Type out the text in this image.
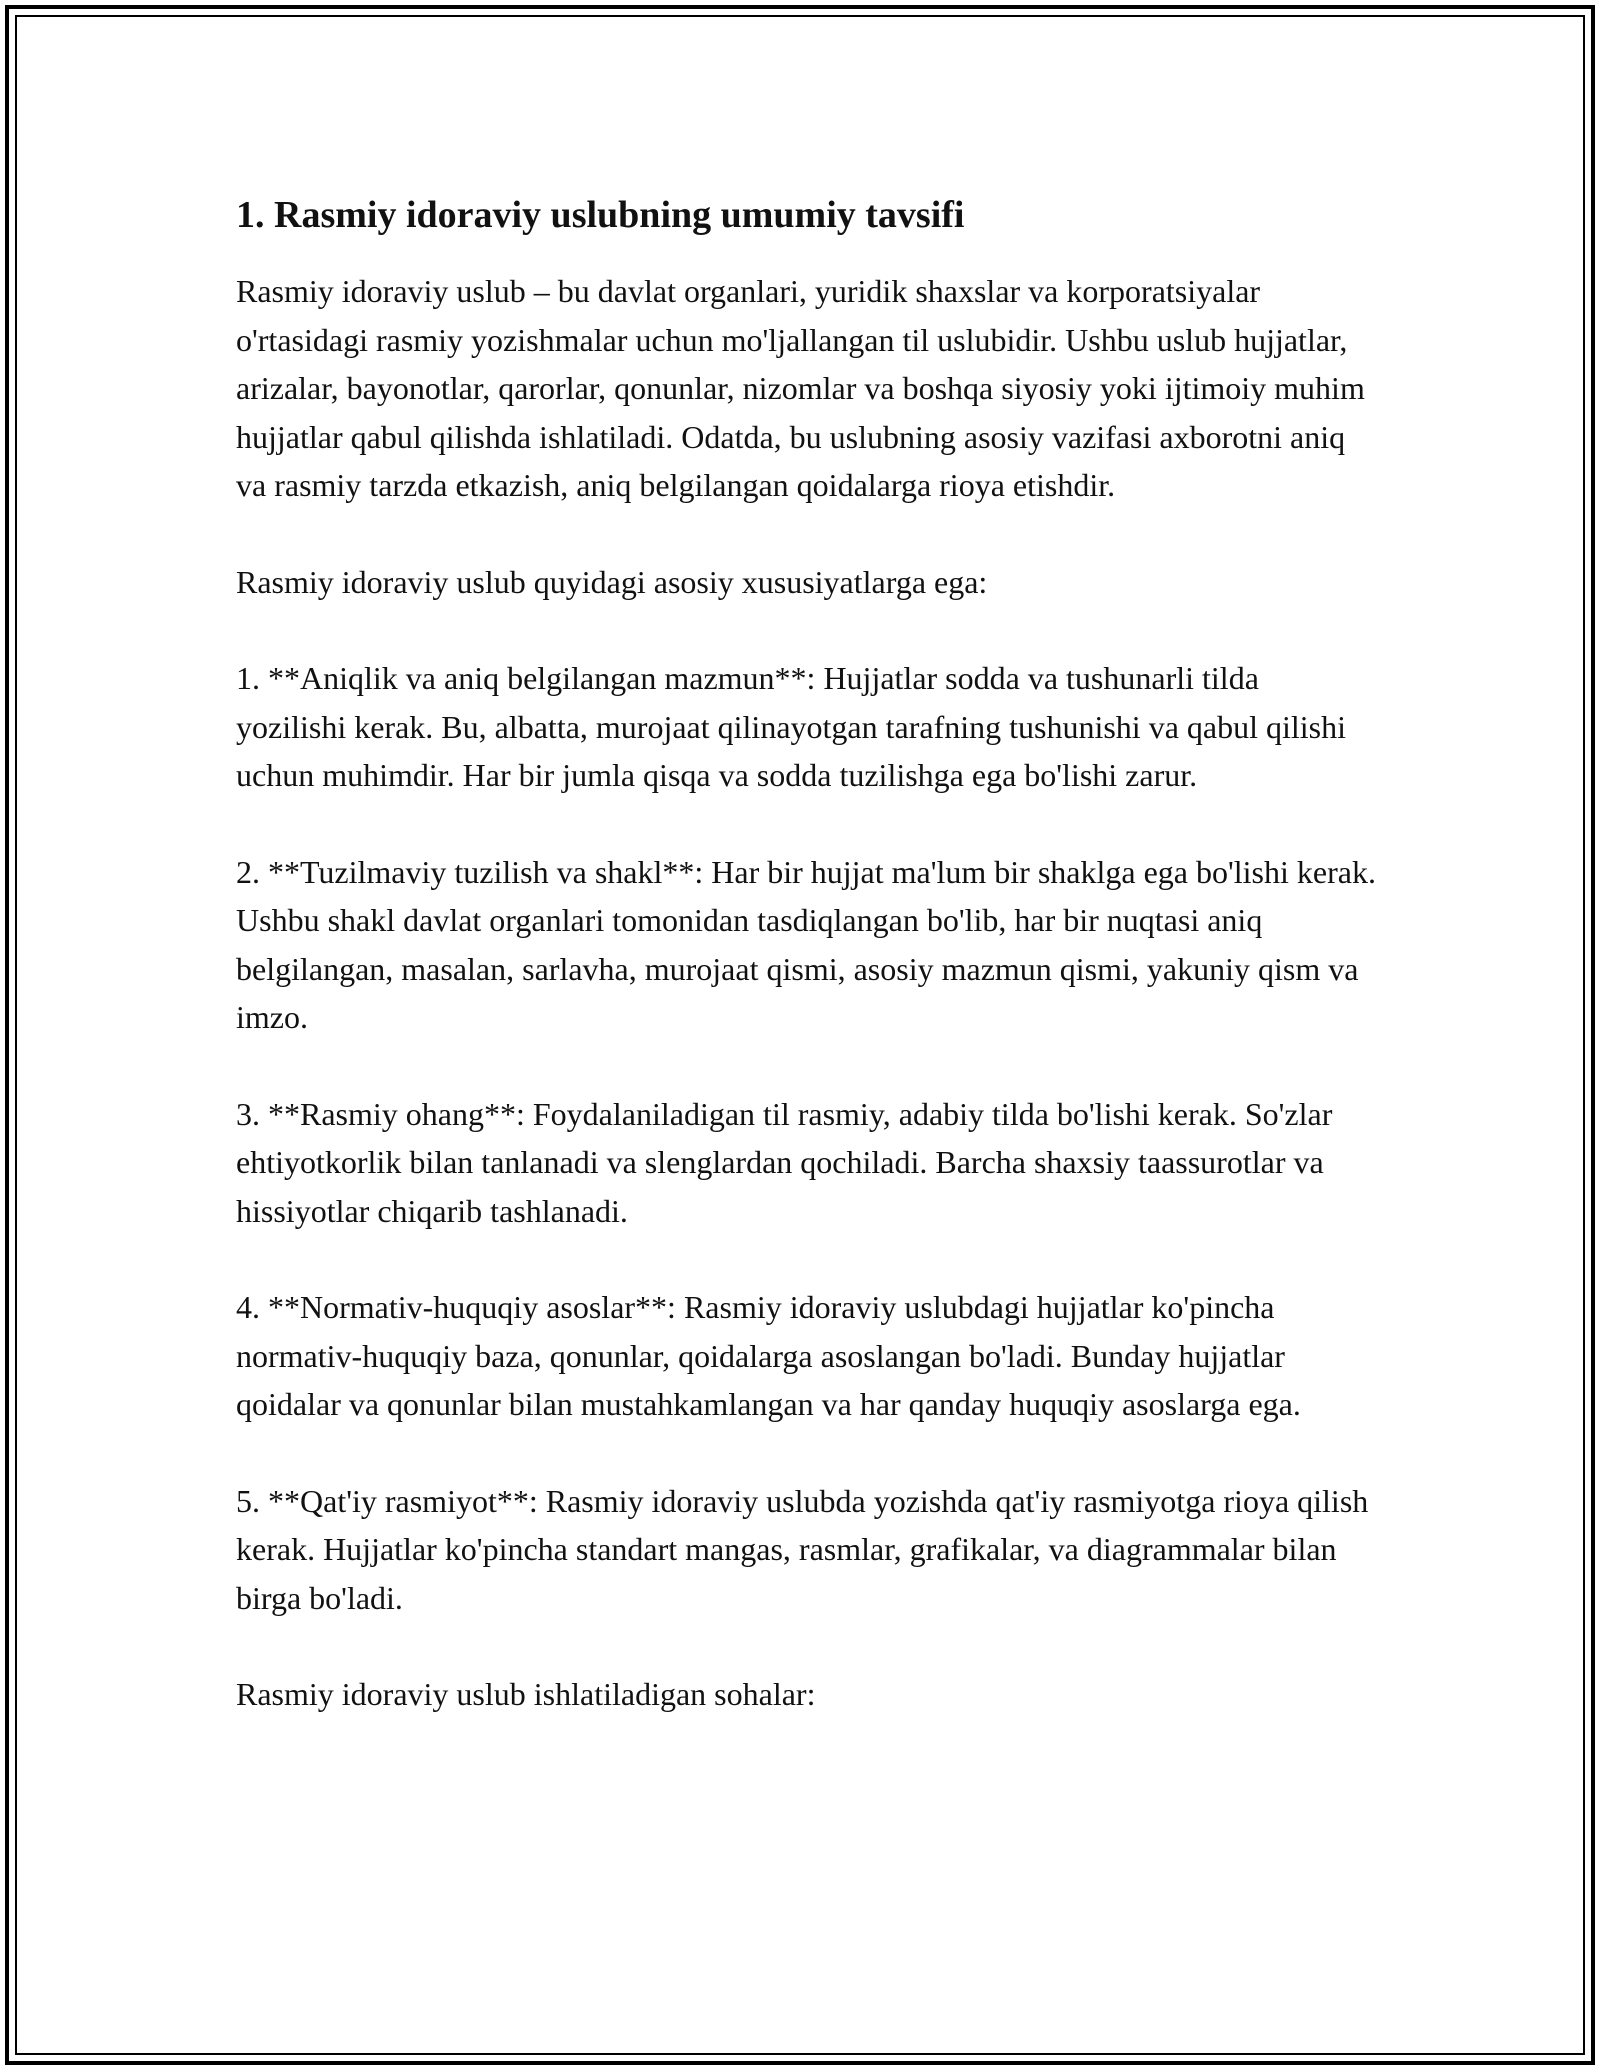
1. Rasmiy idoraviy uslubning umumiy tavsifi

Rasmiy idoraviy uslub – bu davlat organlari, yuridik shaxslar va korporatsiyalar o'rtasidagi rasmiy yozishmalar uchun mo'ljallangan til uslubidir. Ushbu uslub hujjatlar, arizalar, bayonotlar, qarorlar, qonunlar, nizomlar va boshqa siyosiy yoki ijtimoiy muhim hujjatlar qabul qilishda ishlatiladi. Odatda, bu uslubning asosiy vazifasi axborotni aniq va rasmiy tarzda etkazish, aniq belgilangan qoidalarga rioya etishdir.

Rasmiy idoraviy uslub quyidagi asosiy xususiyatlarga ega:

1. **Aniqlik va aniq belgilangan mazmun**: Hujjatlar sodda va tushunarli tilda yozilishi kerak. Bu, albatta, murojaat qilinayotgan tarafning tushunishi va qabul qilishi uchun muhimdir. Har bir jumla qisqa va sodda tuzilishga ega bo'lishi zarur.

2. **Tuzilmaviy tuzilish va shakl**: Har bir hujjat ma'lum bir shaklga ega bo'lishi kerak. Ushbu shakl davlat organlari tomonidan tasdiqlangan bo'lib, har bir nuqtasi aniq belgilangan, masalan, sarlavha, murojaat qismi, asosiy mazmun qismi, yakuniy qism va imzo.

3. **Rasmiy ohang**: Foydalaniladigan til rasmiy, adabiy tilda bo'lishi kerak. So'zlar ehtiyotkorlik bilan tanlanadi va slenglardan qochiladi. Barcha shaxsiy taassurotlar va hissiyotlar chiqarib tashlanadi.

4. **Normativ-huquqiy asoslar**: Rasmiy idoraviy uslubdagi hujjatlar ko'pincha normativ-huquqiy baza, qonunlar, qoidalarga asoslangan bo'ladi. Bunday hujjatlar qoidalar va qonunlar bilan mustahkamlangan va har qanday huquqiy asoslarga ega.

5. **Qat'iy rasmiyot**: Rasmiy idoraviy uslubda yozishda qat'iy rasmiyotga rioya qilish kerak. Hujjatlar ko'pincha standart mangas, rasmlar, grafikalar, va diagrammalar bilan birga bo'ladi.

Rasmiy idoraviy uslub ishlatiladigan sohalar:
